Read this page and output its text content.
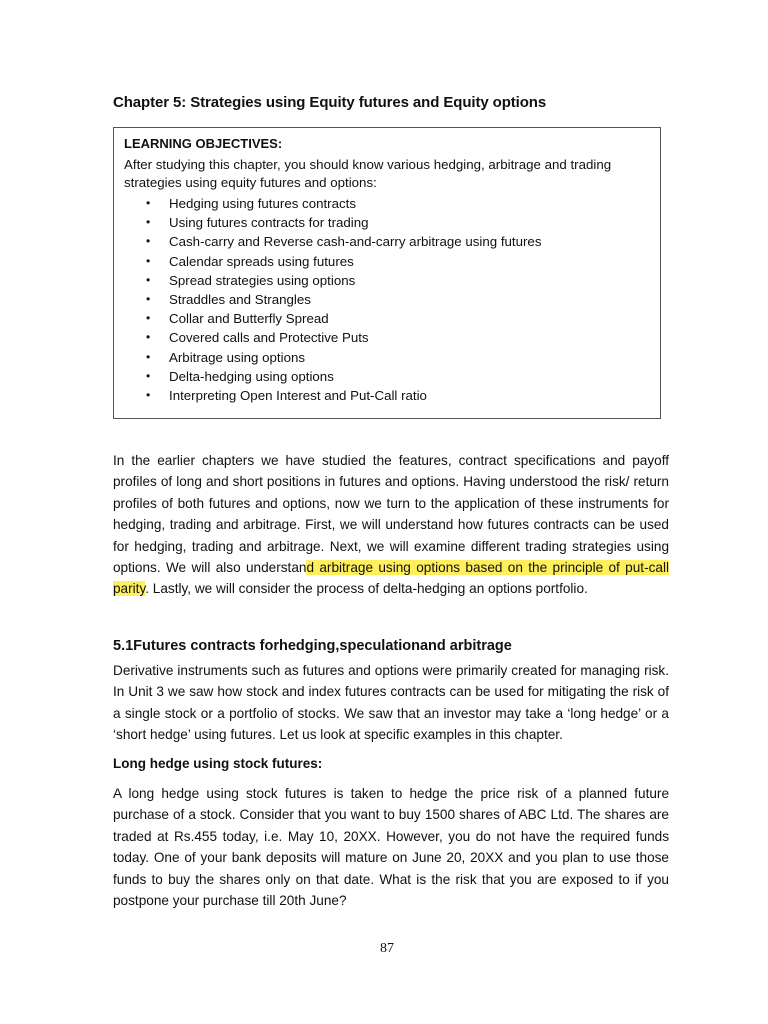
Chapter 5: Strategies using Equity futures and Equity options

LEARNING OBJECTIVES:

After studying this chapter, you should know various hedging, arbitrage and trading strategies using equity futures and options:

• Hedging using futures contracts
• Using futures contracts for trading
• Cash-carry and Reverse cash-and-carry arbitrage using futures
• Calendar spreads using futures
• Spread strategies using options
• Straddles and Strangles
• Collar and Butterfly Spread
• Covered calls and Protective Puts
• Arbitrage using options
• Delta-hedging using options
• Interpreting Open Interest and Put-Call ratio

In the earlier chapters we have studied the features, contract specifications and payoff profiles of long and short positions in futures and options. Having understood the risk/ return profiles of both futures and options, now we turn to the application of these instruments for hedging, trading and arbitrage. First, we will understand how futures contracts can be used for hedging, trading and arbitrage. Next, we will examine different trading strategies using options. We will also understand arbitrage using options based on the principle of put-call parity. Lastly, we will consider the process of delta-hedging an options portfolio.

5.1Futures contracts forhedging,speculationand arbitrage

Derivative instruments such as futures and options were primarily created for managing risk. In Unit 3 we saw how stock and index futures contracts can be used for mitigating the risk of a single stock or a portfolio of stocks. We saw that an investor may take a ‘long hedge’ or a ‘short hedge’ using futures. Let us look at specific examples in this chapter.

Long hedge using stock futures:

A long hedge using stock futures is taken to hedge the price risk of a planned future purchase of a stock. Consider that you want to buy 1500 shares of ABC Ltd. The shares are traded at Rs.455 today, i.e. May 10, 20XX. However, you do not have the required funds today. One of your bank deposits will mature on June 20, 20XX and you plan to use those funds to buy the shares only on that date. What is the risk that you are exposed to if you postpone your purchase till 20th June?

87
